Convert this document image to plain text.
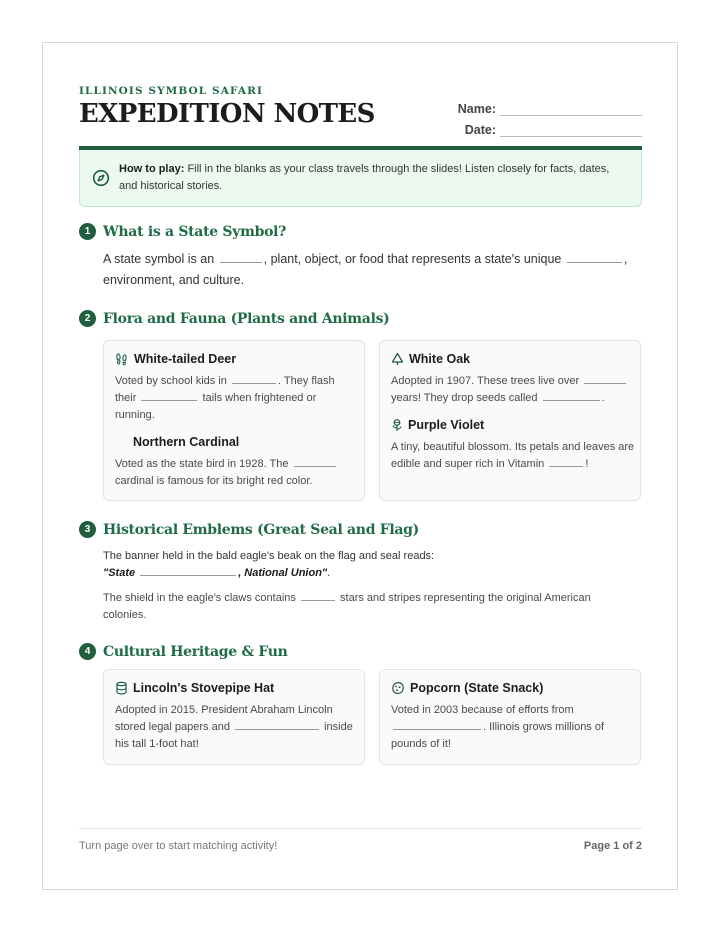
ILLINOIS SYMBOL SAFARI
EXPEDITION NOTES	Name:
Date:
How to play: Fill in the blanks as your class travels through the slides! Listen closely for facts, dates, and historical stories.
1 What is a State Symbol?
A state symbol is an	, plant, object, or food that represents a state's unique	, environment, and culture.
2 Flora and Fauna (Plants and Animals)
White-tailed Deer
Voted by school kids in	. They flash their	tails when frightened or running.
Northern Cardinal
Voted as the state bird in 1928. The  cardinal is famous for its bright red color.
White Oak
Adopted in 1907. These trees live over  years! They drop seeds called	.
Purple Violet
A tiny, beautiful blossom. Its petals and leaves are edible and super rich in Vitamin	!
3 Historical Emblems (Great Seal and Flag)
The banner held in the bald eagle's beak on the flag and seal reads:
"State	, National Union".
The shield in the eagle's claws contains	stars and stripes representing the original American colonies.
4 Cultural Heritage & Fun
Lincoln's Stovepipe Hat
Adopted in 2015. President Abraham Lincoln stored legal papers and	inside his tall 1-foot hat!
Popcorn (State Snack)
Voted in 2003 because of efforts from . Illinois grows millions of pounds of it!
Turn page over to start matching activity!	Page 1 of 2
